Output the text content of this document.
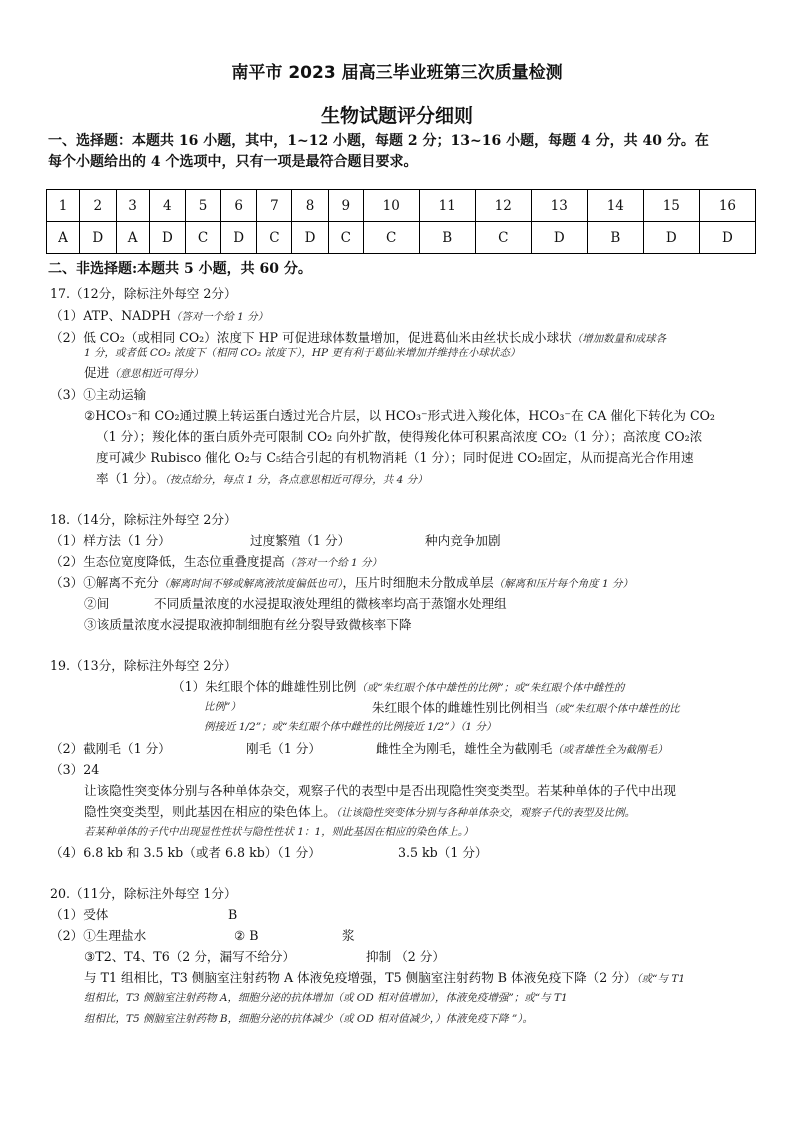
南平市 2023 届高三毕业班第三次质量检测
生物试题评分细则
一、选择题：本题共 16 小题，其中，1~12 小题，每题 2 分；13~16 小题，每题 4 分，共 40 分。在
每个小题给出的 4 个选项中，只有一项是最符合题目要求。
1	2	3	4	5	6	7	8	9	10	11	12	13	14	15	16
A	D	A	D	C	D	C	D	C	C	B	C	D	B	D	D
二、非选择题:本题共 5 小题，共 60 分。
17.（12分，除标注外每空 2分）
（1）ATP、NADPH（答对一个给 1 分）
（2）低 CO₂（或相同 CO₂）浓度下 HP 可促进球体数量增加，促进葛仙米由丝状长成小球状（增加数量和成球各
1 分，或者低 CO₂ 浓度下（相同 CO₂ 浓度下），HP 更有利于葛仙米增加并维持在小球状态）
促进（意思相近可得分）
（3）①主动运输
②HCO₃⁻和 CO₂通过膜上转运蛋白透过光合片层，以 HCO₃⁻形式进入羧化体，HCO₃⁻在 CA 催化下转化为 CO₂
（1 分）；羧化体的蛋白质外壳可限制 CO₂ 向外扩散，使得羧化体可积累高浓度 CO₂（1 分）；高浓度 CO₂浓
度可减少 Rubisco 催化 O₂与 C₅结合引起的有机物消耗（1 分）；同时促进 CO₂固定，从而提高光合作用速
率（1 分）。（按点给分，每点 1 分，各点意思相近可得分，共 4 分）
18.（14分，除标注外每空 2分）
（1）样方法（1 分）	过度繁殖（1 分）	种内竞争加剧
（2）生态位宽度降低，生态位重叠度提高（答对一个给 1 分）
（3）①解离不充分（解离时间不够或解离液浓度偏低也可），压片时细胞未分散成单层（解离和压片每个角度 1 分）
②间	不同质量浓度的水浸提取液处理组的微核率均高于蒸馏水处理组
③该质量浓度水浸提取液抑制细胞有丝分裂导致微核率下降
19.（13分，除标注外每空 2分）
（1）朱红眼个体的雌雄性别比例（或“朱红眼个体中雄性的比例”；或“朱红眼个体中雌性的
比例”）	朱红眼个体的雌雄性别比例相当（或“朱红眼个体中雄性的比
例接近 1/2”；或“朱红眼个体中雌性的比例接近 1/2”）（1 分）
（2）截刚毛（1 分）	刚毛（1 分）	雌性全为刚毛，雄性全为截刚毛（或者雄性全为截刚毛）
（3）24
让该隐性突变体分别与各种单体杂交，观察子代的表型中是否出现隐性突变类型。若某种单体的子代中出现
隐性突变类型，则此基因在相应的染色体上。（让该隐性突变体分别与各种单体杂交，观察子代的表型及比例。
若某种单体的子代中出现显性性状与隐性性状 1：1，则此基因在相应的染色体上。）
（4）6.8 kb 和 3.5 kb（或者 6.8 kb）（1 分）	3.5 kb（1 分）
20.（11分，除标注外每空 1分）
（1）受体	B
（2）①生理盐水	② B	浆
③T2、T4、T6（2 分，漏写不给分）	抑制 （2 分）
与 T1 组相比，T3 侧脑室注射药物 A 体液免疫增强，T5 侧脑室注射药物 B 体液免疫下降（2 分）（或“与 T1
组相比，T3 侧脑室注射药物 A，细胞分泌的抗体增加（或 OD 相对值增加），体液免疫增强”；或“与 T1
组相比，T5 侧脑室注射药物 B，细胞分泌的抗体减少（或 OD 相对值减少，）体液免疫下降 ”）。
